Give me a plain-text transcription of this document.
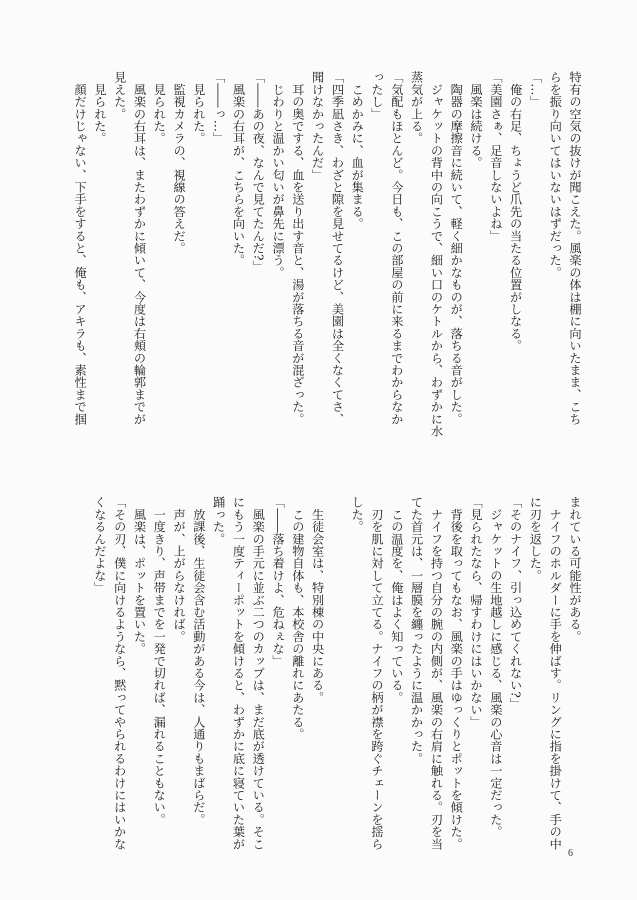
特有の空気の抜けが聞こえた。風楽の体は棚に向いたまま、こち
らを振り向いてはいないはずだった。
「…」
　俺の右足、ちょうど爪先の当たる位置がしなる。
「美園さぁ、足音しないよね」
　風楽は続ける。
　陶器の摩擦音に続いて、軽く細かなものが、落ちる音がした。
　ジャケットの背中の向こうで、細い口のケトルから、わずかに水
蒸気が上る。
「気配もほとんど。今日も、この部屋の前に来るまでわからなか
ったし」
　こめかみに、血が集まる。
「四季凪さき、わざと隙を見せてるけど、美園は全くなくてさ、
聞けなかったんだ」
　耳の奥でする、血を送り出す音と、湯が落ちる音が混ざった。
　じわりと温かい匂いが鼻先に漂う。
「――あの夜、なんで見てたんだ?」
　風楽の右耳が、こちらを向いた。
「――っ…」
　見られた。
　監視カメラの、視線の答えだ。
　見られた。
　風楽の右耳は、またわずかに傾いて、今度は右頬の輪郭までが
見えた。
　見られた。
　顔だけじゃない、下手をすると、俺も、アキラも、素性まで掴
まれている可能性がある。
　ナイフのホルダーに手を伸ばす。リングに指を掛けて、手の中
に刃を返した。
「そのナイフ、引っ込めてくれない?」
　ジャケットの生地越しに感じる、風楽の心音は一定だった。
「見られたなら、帰すわけにはいかない」
　背後を取ってもなお、風楽の手はゆっくりとポットを傾けた。
　ナイフを持つ自分の腕の内側が、風楽の右肩に触れる。刃を当
てた首元は、一層膜を纏ったように温かかった。
　この温度を、俺はよく知っている。
　刃を肌に対して立てる。ナイフの柄が襟を跨ぐチェーンを揺ら
した。

　生徒会室は、特別棟の中央にある。
　この建物自体も、本校舎の離れにあたる。
「――落ち着けよ、危ねぇな」
　風楽の手元に並ぶ二つのカップは、まだ底が透けている。そこ
にもう一度ティーポットを傾けると、わずかに底に寝ていた葉が
踊った。
　放課後、生徒会含む活動がある今は、人通りもまばらだ。
　声が、上がらなければ。
　一度きり、声帯までを一発で切れば、漏れることもない。
　風楽は、ポットを置いた。
「その刃、僕に向けるようなら、黙ってやられるわけにはいかな
くなるんだよな」
6
